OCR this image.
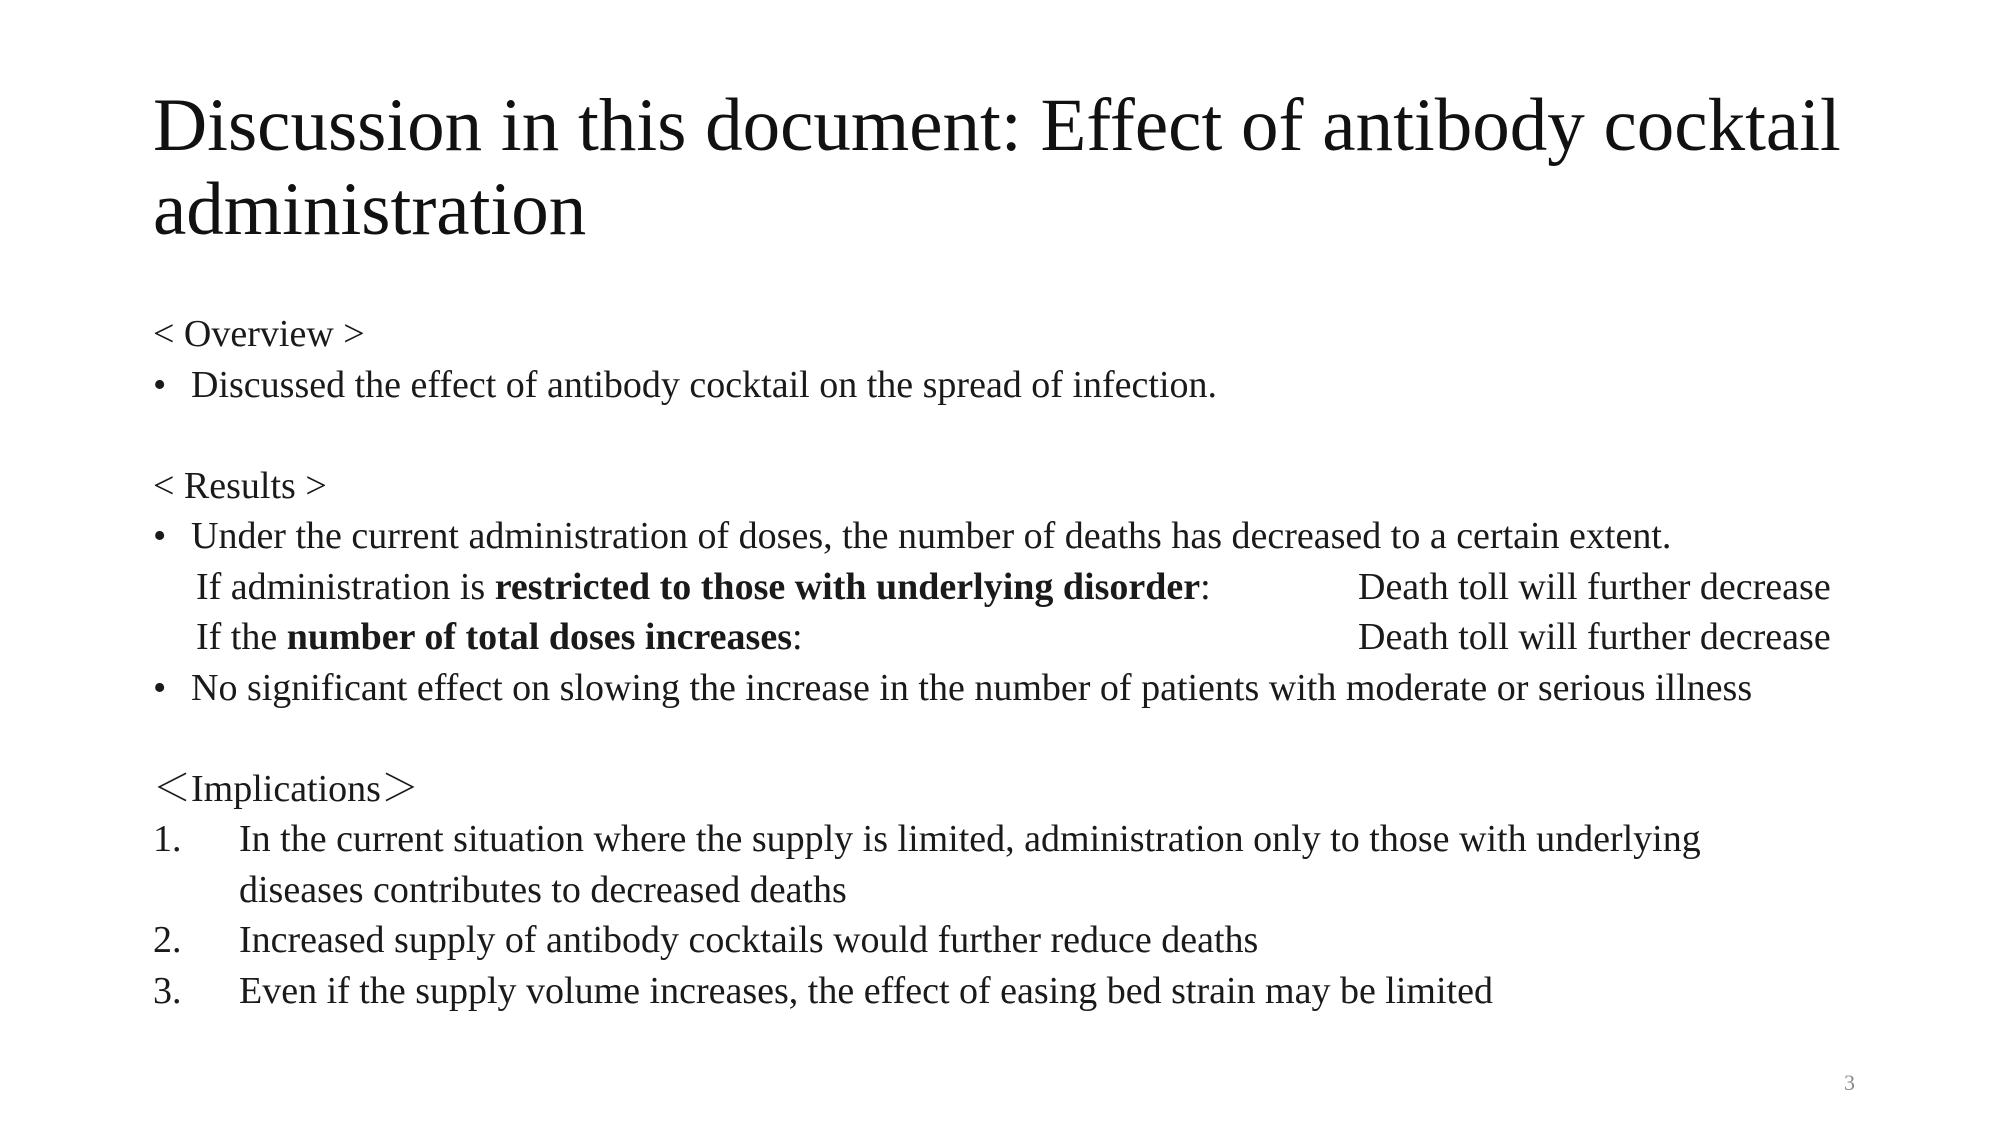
Discussion in this document: Effect of antibody cocktail administration
< Overview >
• Discussed the effect of antibody cocktail on the spread of infection.
< Results >
• Under the current administration of doses, the number of deaths has decreased to a certain extent.
If administration is restricted to those with underlying disorder:	Death toll will further decrease
If the number of total doses increases:	Death toll will further decrease
• No significant effect on slowing the increase in the number of patients with moderate or serious illness
＜Implications＞
1. In the current situation where the supply is limited, administration only to those with underlying
diseases contributes to decreased deaths
2. Increased supply of antibody cocktails would further reduce deaths
3. Even if the supply volume increases, the effect of easing bed strain may be limited
3
